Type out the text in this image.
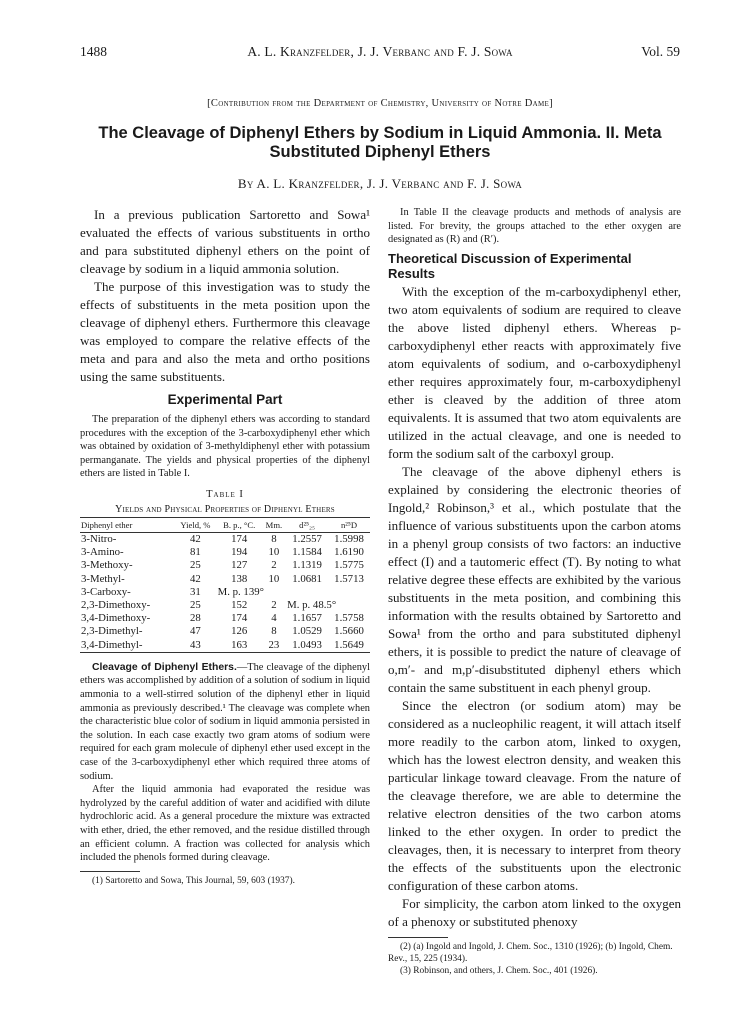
1488	A. L. Kranzfelder, J. J. Verbanc and F. J. Sowa	Vol. 59
[Contribution from the Department of Chemistry, University of Notre Dame]
The Cleavage of Diphenyl Ethers by Sodium in Liquid Ammonia. II. Meta Substituted Diphenyl Ethers
By A. L. Kranzfelder, J. J. Verbanc and F. J. Sowa

In a previous publication Sartoretto and Sowa¹ evaluated the effects of various substituents in ortho and para substituted diphenyl ethers on the point of cleavage by sodium in a liquid ammonia solution.

The purpose of this investigation was to study the effects of substituents in the meta position upon the cleavage of diphenyl ethers. Furthermore this cleavage was employed to compare the relative effects of the meta and para and also the meta and ortho positions using the same substituents.

Experimental Part

The preparation of the diphenyl ethers was according to standard procedures with the exception of the 3-carboxydiphenyl ether which was obtained by oxidation of 3-methyldiphenyl ether with potassium permanganate. The yields and physical properties of the diphenyl ethers are listed in Table I.

Table I
Yields and Physical Properties of Diphenyl Ethers
Diphenyl ether	Yield, %	B. p., °C.	Mm.	d²⁵₂₅	n²⁵D
3-Nitro-	42	174	8	1.2557	1.5998
3-Amino-	81	194	10	1.1584	1.6190
3-Methoxy-	25	127	2	1.1319	1.5775
3-Methyl-	42	138	10	1.0681	1.5713
3-Carboxy-	31	M. p. 139°			
2,3-Dimethoxy-	25	152	2	M. p. 48.5°	
3,4-Dimethoxy-	28	174	4	1.1657	1.5758
2,3-Dimethyl-	47	126	8	1.0529	1.5660
3,4-Dimethyl-	43	163	23	1.0493	1.5649

Cleavage of Diphenyl Ethers.—The cleavage of the diphenyl ethers was accomplished by addition of a solution of sodium in liquid ammonia to a well-stirred solution of the diphenyl ether in liquid ammonia as previously described.¹ The cleavage was complete when the characteristic blue color of sodium in liquid ammonia persisted in the solution. In each case exactly two gram atoms of sodium were required for each gram molecule of diphenyl ether used except in the case of the 3-carboxydiphenyl ether which required three atoms of sodium.

After the liquid ammonia had evaporated the residue was hydrolyzed by the careful addition of water and acidified with dilute hydrochloric acid. As a general procedure the mixture was extracted with ether, dried, the ether removed, and the residue distilled through an efficient column. A fraction was collected for analysis which included the phenols formed during cleavage.

(1) Sartoretto and Sowa, This Journal, 59, 603 (1937).

In Table II the cleavage products and methods of analysis are listed. For brevity, the groups attached to the ether oxygen are designated as (R) and (R′).

Theoretical Discussion of Experimental Results

With the exception of the m-carboxydiphenyl ether, two atom equivalents of sodium are required to cleave the above listed diphenyl ethers. Whereas p-carboxydiphenyl ether reacts with approximately five atom equivalents of sodium, and o-carboxydiphenyl ether requires approximately four, m-carboxydiphenyl ether is cleaved by the addition of three atom equivalents. It is assumed that two atom equivalents are utilized in the actual cleavage, and one is needed to form the sodium salt of the carboxyl group.

The cleavage of the above diphenyl ethers is explained by considering the electronic theories of Ingold,² Robinson,³ et al., which postulate that the influence of various substituents upon the carbon atoms in a phenyl group consists of two factors: an inductive effect (I) and a tautomeric effect (T). By noting to what relative degree these effects are exhibited by the various substituents in the meta position, and combining this information with the results obtained by Sartoretto and Sowa¹ from the ortho and para substituted diphenyl ethers, it is possible to predict the nature of cleavage of o,m′- and m,p′-disubstituted diphenyl ethers which contain the same substituent in each phenyl group.

Since the electron (or sodium atom) may be considered as a nucleophilic reagent, it will attach itself more readily to the carbon atom, linked to oxygen, which has the lowest electron density, and weaken this particular linkage toward cleavage. From the nature of the cleavage therefore, we are able to determine the relative electron densities of the two carbon atoms linked to the ether oxygen. In order to predict the cleavages, then, it is necessary to interpret from theory the effects of the substituents upon the electronic configuration of these carbon atoms.

For simplicity, the carbon atom linked to the oxygen of a phenoxy or substituted phenoxy

(2) (a) Ingold and Ingold, J. Chem. Soc., 1310 (1926); (b) Ingold, Chem. Rev., 15, 225 (1934).

(3) Robinson, and others, J. Chem. Soc., 401 (1926).
